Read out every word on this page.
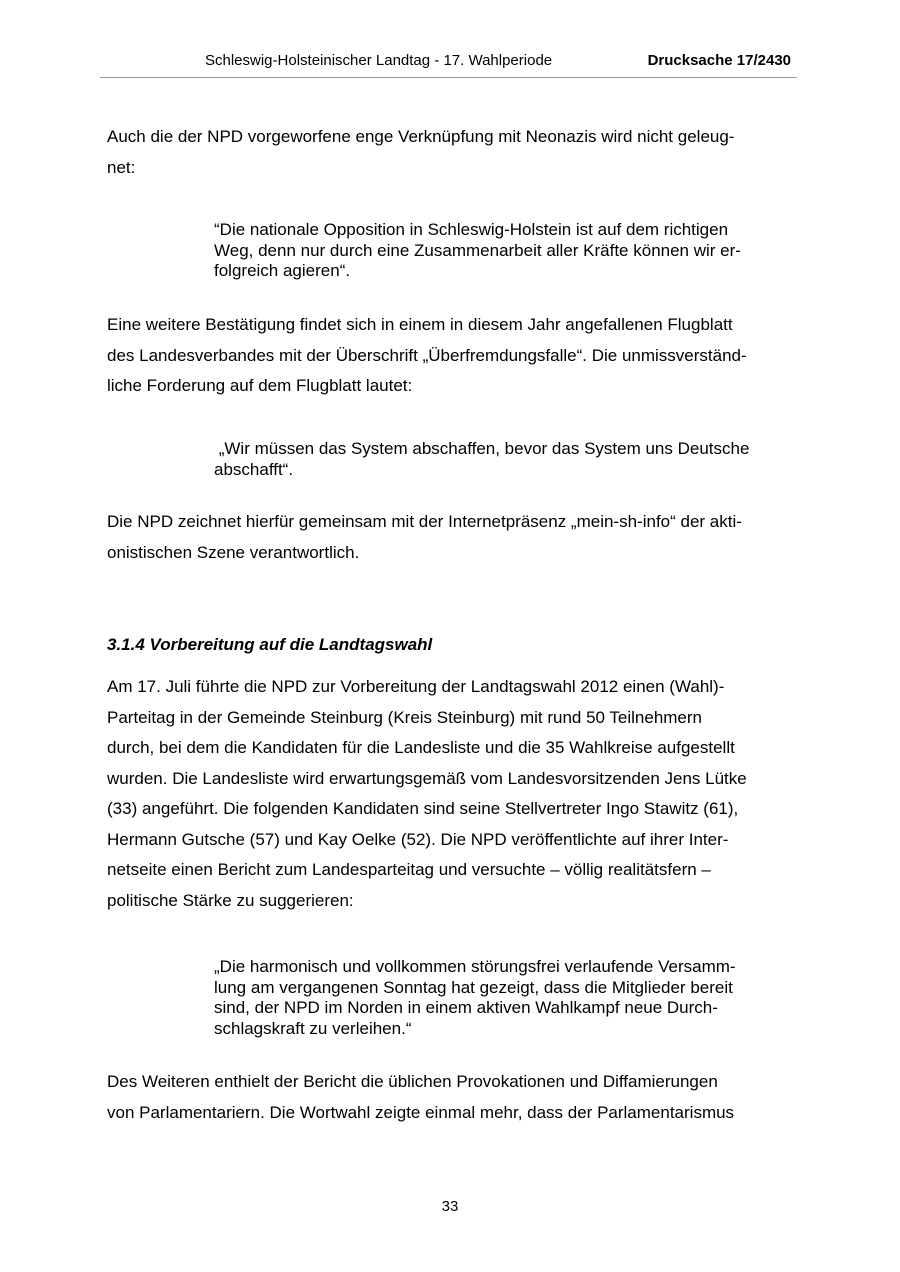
Schleswig-Holsteinischer Landtag - 17. Wahlperiode	Drucksache 17/2430

Auch die der NPD vorgeworfene enge Verknüpfung mit Neonazis wird nicht geleug-
net:

“Die nationale Opposition in Schleswig-Holstein ist auf dem richtigen
Weg, denn nur durch eine Zusammenarbeit aller Kräfte können wir er-
folgreich agieren“.

Eine weitere Bestätigung findet sich in einem in diesem Jahr angefallenen Flugblatt
des Landesverbandes mit der Überschrift „Überfremdungsfalle“. Die unmissverständ-
liche Forderung auf dem Flugblatt lautet:

„Wir müssen das System abschaffen, bevor das System uns Deutsche
abschafft“.

Die NPD zeichnet hierfür gemeinsam mit der Internetpräsenz „mein-sh-info“ der akti-
onistischen Szene verantwortlich.

3.1.4 Vorbereitung auf die Landtagswahl

Am 17. Juli führte die NPD zur Vorbereitung der Landtagswahl 2012 einen (Wahl)-
Parteitag in der Gemeinde Steinburg (Kreis Steinburg) mit rund 50 Teilnehmern
durch, bei dem die Kandidaten für die Landesliste und die 35 Wahlkreise aufgestellt
wurden. Die Landesliste wird erwartungsgemäß vom Landesvorsitzenden Jens Lütke
(33) angeführt. Die folgenden Kandidaten sind seine Stellvertreter Ingo Stawitz (61),
Hermann Gutsche (57) und Kay Oelke (52). Die NPD veröffentlichte auf ihrer Inter-
netseite einen Bericht zum Landesparteitag und versuchte – völlig realitätsfern –
politische Stärke zu suggerieren:

„Die harmonisch und vollkommen störungsfrei verlaufende Versamm-
lung am vergangenen Sonntag hat gezeigt, dass die Mitglieder bereit
sind, der NPD im Norden in einem aktiven Wahlkampf neue Durch-
schlagskraft zu verleihen.“

Des Weiteren enthielt der Bericht die üblichen Provokationen und Diffamierungen
von Parlamentariern. Die Wortwahl zeigte einmal mehr, dass der Parlamentarismus

33
